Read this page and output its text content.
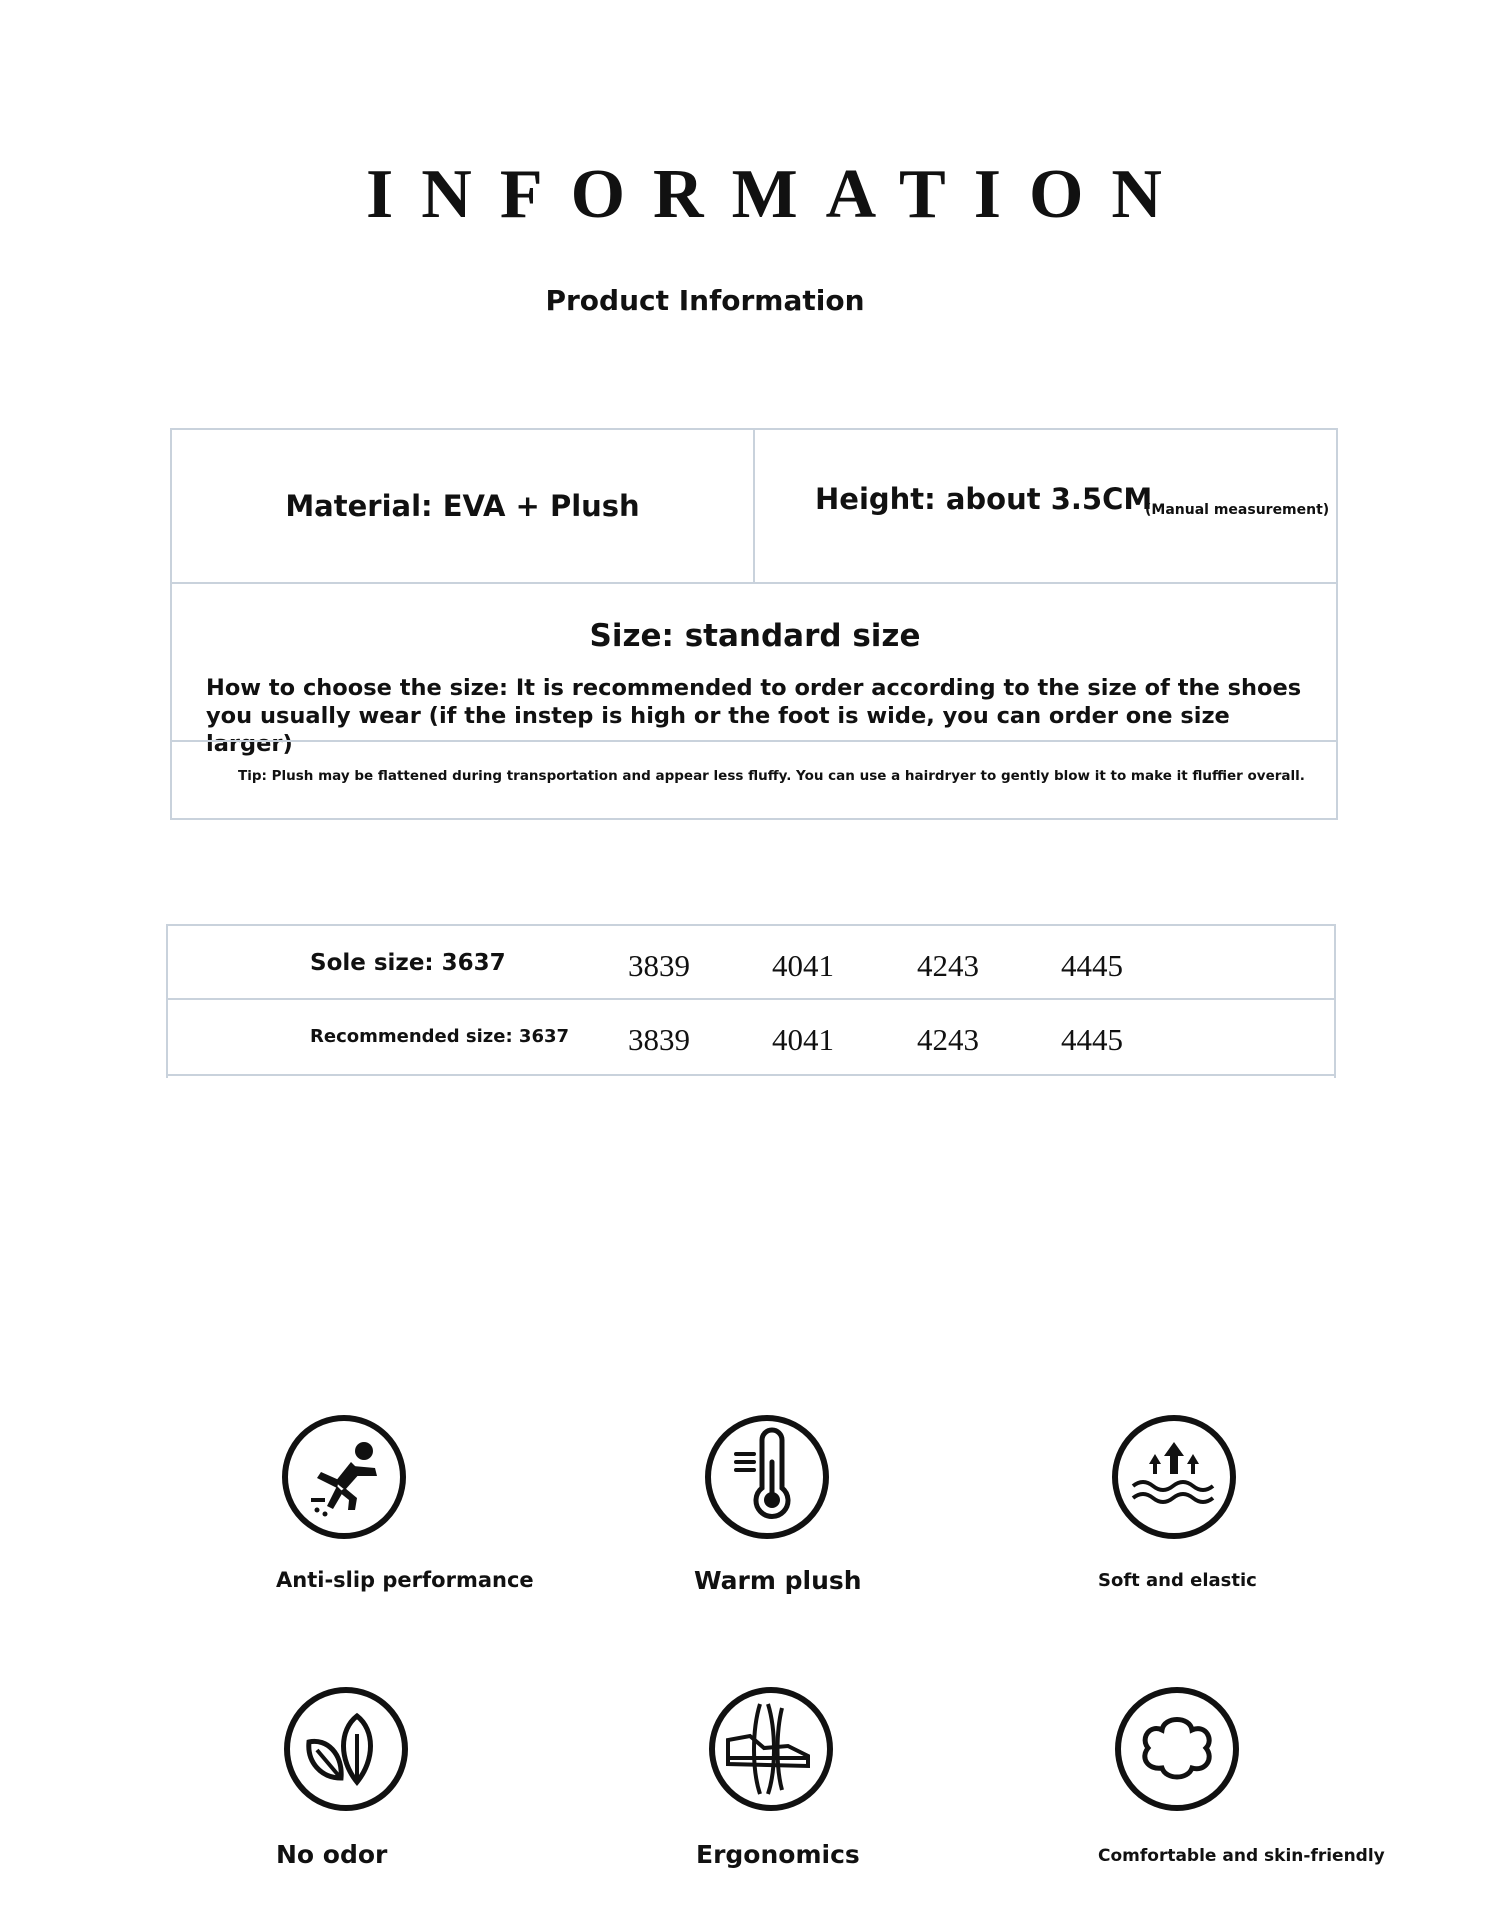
INFORMATION
Product Information
Material: EVA + Plush	Height: about 3.5CM
(Manual measurement)
Size: standard size
How to choose the size: It is recommended to order according to the size of the shoes you usually wear (if the instep is high or the foot is wide, you can order one size larger)
Tip: Plush may be flattened during transportation and appear less fluffy. You can use a hairdryer to gently blow it to make it fluffier overall.
Sole size: 3637	3839	4041	4243	4445
Recommended size: 3637	3839	4041	4243	4445
Anti-slip performance	Warm plush	Soft and elastic
No odor	Ergonomics	Comfortable and skin-friendly
